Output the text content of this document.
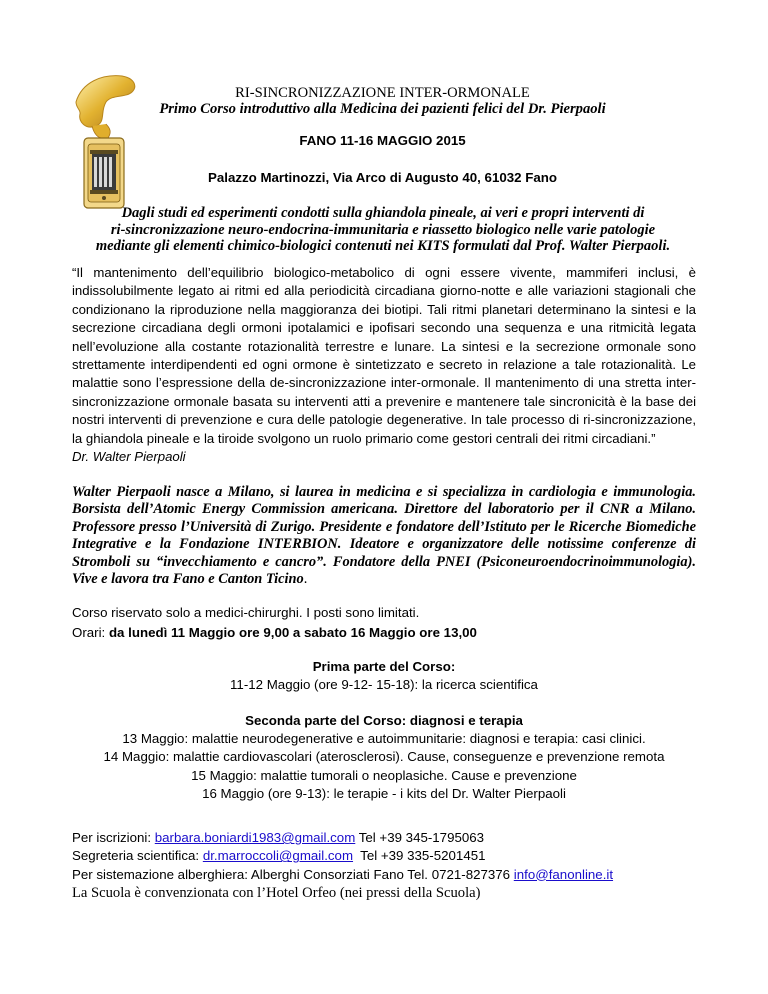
RI-SINCRONIZZAZIONE INTER-ORMONALE
Primo Corso introduttivo alla Medicina dei pazienti felici del Dr. Pierpaoli
FANO 11-16 MAGGIO 2015
Palazzo Martinozzi, Via Arco di Augusto 40, 61032 Fano
Dagli studi ed esperimenti condotti sulla ghiandola pineale, ai veri e propri interventi di
ri-sincronizzazione neuro-endocrina-immunitaria e riassetto biologico nelle varie patologie
mediante gli elementi chimico-biologici contenuti nei KITS formulati dal Prof. Walter Pierpaoli.
“Il mantenimento dell’equilibrio biologico-metabolico di ogni essere vivente, mammiferi inclusi, è indissolubilmente legato ai ritmi ed alla periodicità circadiana giorno-notte e alle variazioni stagionali che condizionano la riproduzione nella maggioranza dei biotipi. Tali ritmi planetari determinano la sintesi e la secrezione circadiana degli ormoni ipotalamici e ipofisari secondo una sequenza e una ritmicità legata nell’evoluzione alla costante rotazionalità terrestre e lunare. La sintesi e la secrezione ormonale sono strettamente interdipendenti ed ogni ormone è sintetizzato e secreto in relazione a tale rotazionalità. Le malattie sono l’espressione della de-sincronizzazione inter-ormonale. Il mantenimento di una stretta inter-sincronizzazione ormonale basata su interventi atti a prevenire e mantenere tale sincronicità è la base dei nostri interventi di prevenzione e cura delle patologie degenerative. In tale processo di ri-sincronizzazione, la ghiandola pineale e la tiroide svolgono un ruolo primario come gestori centrali dei ritmi circadiani.”
Dr. Walter Pierpaoli
Walter Pierpaoli nasce a Milano, si laurea in medicina e si specializza in cardiologia e immunologia. Borsista dell’Atomic Energy Commission americana. Direttore del laboratorio per il CNR a Milano. Professore presso l’Università di Zurigo. Presidente e fondatore dell’Istituto per le Ricerche Biomediche Integrative e la Fondazione INTERBION. Ideatore e organizzatore delle notissime conferenze di Stromboli su “invecchiamento e cancro”. Fondatore della PNEI (Psiconeuroendocrinoimmunologia). Vive e lavora tra Fano e Canton Ticino.
Corso riservato solo a medici-chirurghi. I posti sono limitati.
Orari: da lunedì 11 Maggio ore 9,00 a sabato 16 Maggio ore 13,00
Prima parte del Corso:
11-12 Maggio (ore 9-12- 15-18): la ricerca scientifica
Seconda parte del Corso: diagnosi e terapia
13 Maggio: malattie neurodegenerative e autoimmunitarie: diagnosi e terapia: casi clinici.
14 Maggio: malattie cardiovascolari (aterosclerosi). Cause, conseguenze e prevenzione remota
15 Maggio: malattie tumorali o neoplasiche. Cause e prevenzione
16 Maggio (ore 9-13): le terapie - i kits del Dr. Walter Pierpaoli
Per iscrizioni: barbara.boniardi1983@gmail.com Tel +39 345-1795063
Segreteria scientifica: dr.marroccoli@gmail.com  Tel +39 335-5201451
Per sistemazione alberghiera: Alberghi Consorziati Fano Tel. 0721-827376 info@fanonline.it
La Scuola è convenzionata con l’Hotel Orfeo (nei pressi della Scuola)
